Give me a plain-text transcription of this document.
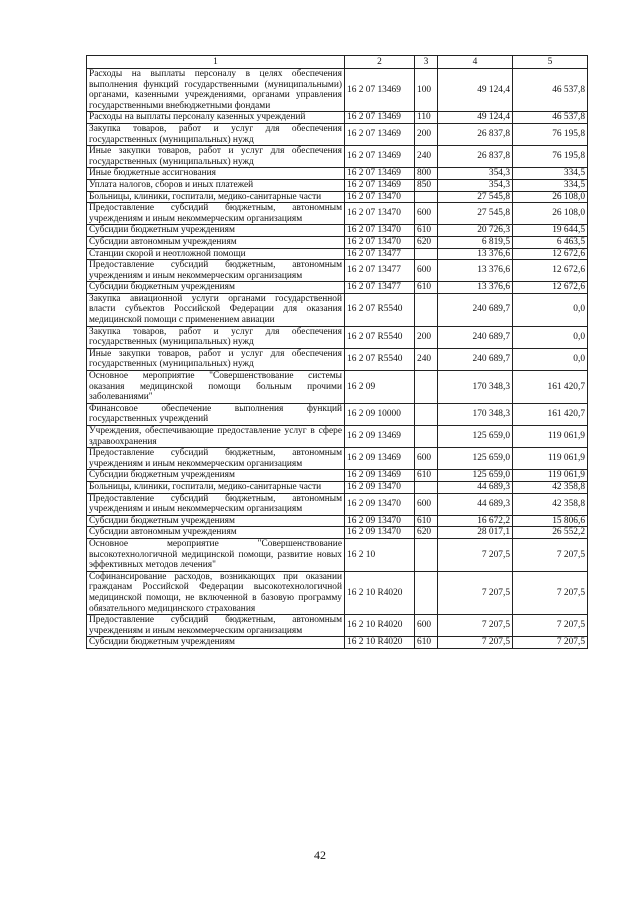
1	2	3	4	5
Расходы на выплаты персоналу в целях обеспечения выполнения функций государственными (муниципальными) органами, казенными учреждениями, органами управления государственными внебюджетными фондами	16 2 07 13469	100	49 124,4	46 537,8
Расходы на выплаты персоналу казенных учреждений	16 2 07 13469	110	49 124,4	46 537,8
Закупка товаров, работ и услуг для обеспечения государственных (муниципальных) нужд	16 2 07 13469	200	26 837,8	76 195,8
Иные закупки товаров, работ и услуг для обеспечения государственных (муниципальных) нужд	16 2 07 13469	240	26 837,8	76 195,8
Иные бюджетные ассигнования	16 2 07 13469	800	354,3	334,5
Уплата налогов, сборов и иных платежей	16 2 07 13469	850	354,3	334,5
Больницы, клиники, госпитали, медико-санитарные части	16 2 07 13470		27 545,8	26 108,0
Предоставление субсидий бюджетным, автономным учреждениям и иным некоммерческим организациям	16 2 07 13470	600	27 545,8	26 108,0
Субсидии бюджетным учреждениям	16 2 07 13470	610	20 726,3	19 644,5
Субсидии автономным учреждениям	16 2 07 13470	620	6 819,5	6 463,5
Станции скорой и неотложной помощи	16 2 07 13477		13 376,6	12 672,6
Предоставление субсидий бюджетным, автономным учреждениям и иным некоммерческим организациям	16 2 07 13477	600	13 376,6	12 672,6
Субсидии бюджетным учреждениям	16 2 07 13477	610	13 376,6	12 672,6
Закупка авиационной услуги органами государственной власти субъектов Российской Федерации для оказания медицинской помощи с применением авиации	16 2 07 R5540		240 689,7	0,0
Закупка товаров, работ и услуг для обеспечения государственных (муниципальных) нужд	16 2 07 R5540	200	240 689,7	0,0
Иные закупки товаров, работ и услуг для обеспечения государственных (муниципальных) нужд	16 2 07 R5540	240	240 689,7	0,0
Основное мероприятие "Совершенствование системы оказания медицинской помощи больным прочими заболеваниями"	16 2 09		170 348,3	161 420,7
Финансовое обеспечение выполнения функций государственных учреждений	16 2 09 10000		170 348,3	161 420,7
Учреждения, обеспечивающие предоставление услуг в сфере здравоохранения	16 2 09 13469		125 659,0	119 061,9
Предоставление субсидий бюджетным, автономным учреждениям и иным некоммерческим организациям	16 2 09 13469	600	125 659,0	119 061,9
Субсидии бюджетным учреждениям	16 2 09 13469	610	125 659,0	119 061,9
Больницы, клиники, госпитали, медико-санитарные части	16 2 09 13470		44 689,3	42 358,8
Предоставление субсидий бюджетным, автономным учреждениям и иным некоммерческим организациям	16 2 09 13470	600	44 689,3	42 358,8
Субсидии бюджетным учреждениям	16 2 09 13470	610	16 672,2	15 806,6
Субсидии автономным учреждениям	16 2 09 13470	620	28 017,1	26 552,2
Основное мероприятие "Совершенствование высокотехнологичной медицинской помощи, развитие новых эффективных методов лечения"	16 2 10		7 207,5	7 207,5
Софинансирование расходов, возникающих при оказании гражданам Российской Федерации высокотехнологичной медицинской помощи, не включенной в базовую программу обязательного медицинского страхования	16 2 10 R4020		7 207,5	7 207,5
Предоставление субсидий бюджетным, автономным учреждениям и иным некоммерческим организациям	16 2 10 R4020	600	7 207,5	7 207,5
Субсидии бюджетным учреждениям	16 2 10 R4020	610	7 207,5	7 207,5
42
